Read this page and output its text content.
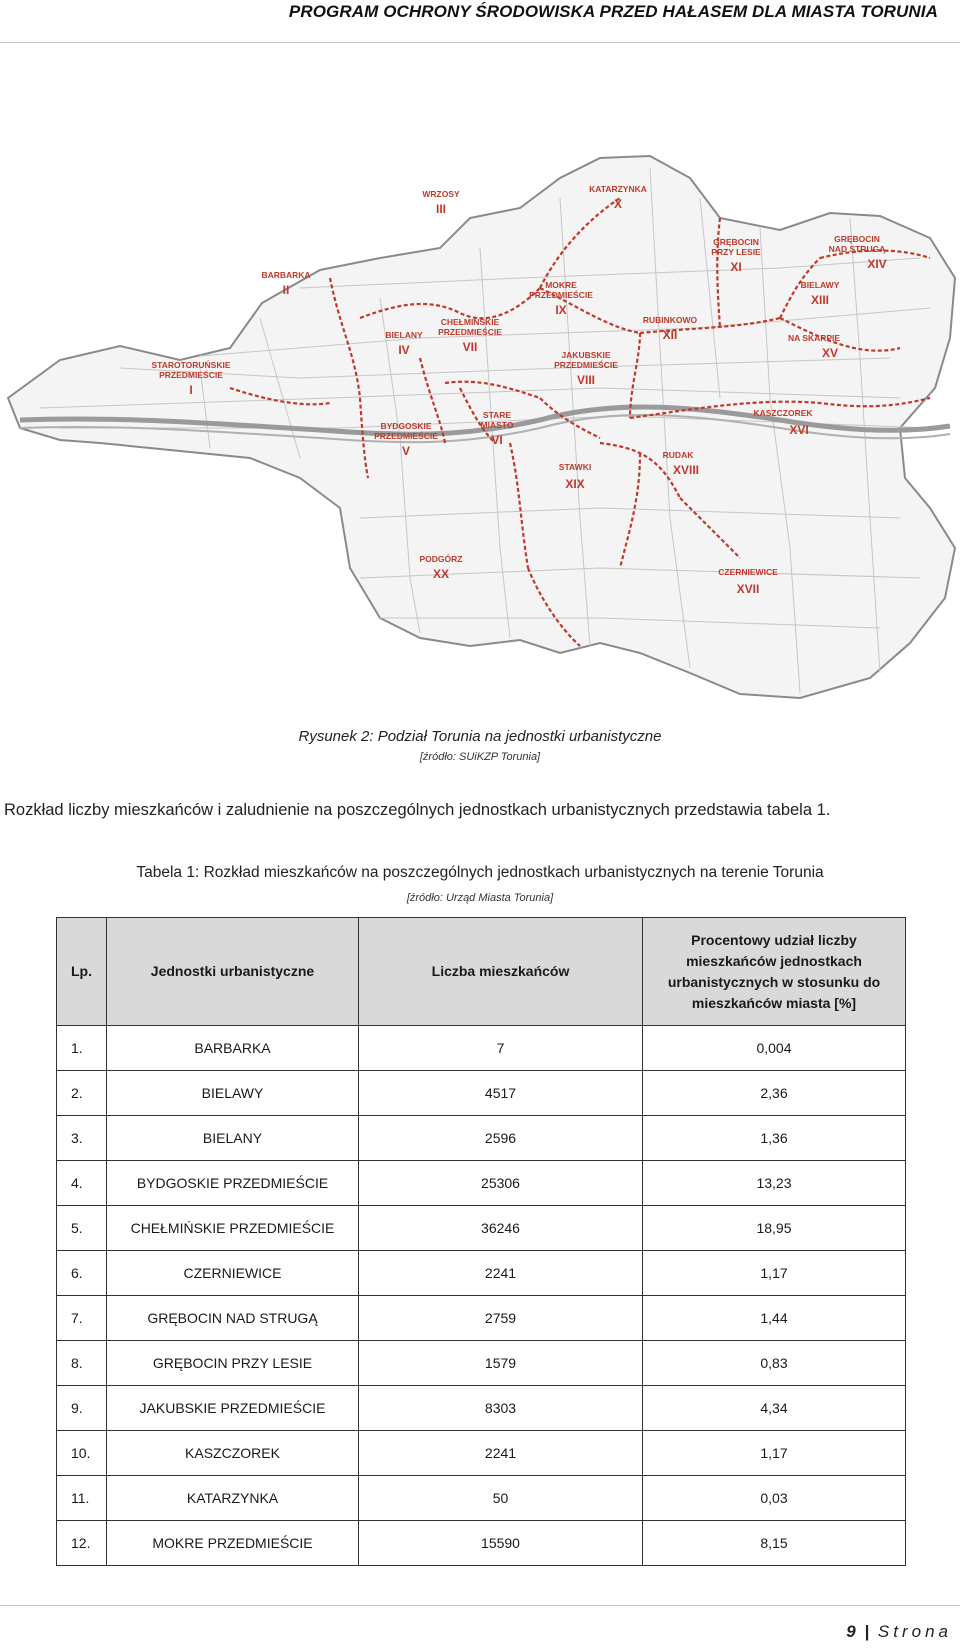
PROGRAM OCHRONY ŚRODOWISKA PRZED HAŁASEM DLA MIASTA TORUNIA
STAROTORUŃSKIE
PRZEDMIEŚCIE
I
BARBARKA
II
WRZOSY
III
BIELANY
IV
BYDGOSKIE
PRZEDMIEŚCIE
V
STARE
MIASTO
VI
CHEŁMIŃSKIE
PRZEDMIEŚCIE
VII
JAKUBSKIE
PRZEDMIEŚCIE
VIII
MOKRE
PRZEDMIEŚCIE
IX
KATARZYNKA
X
GRĘBOCIN
PRZY LESIE
XI
RUBINKOWO
XII
BIELAWY
XIII
GRĘBOCIN
NAD STRUGĄ
XIV
NA SKARPIE
XV
KASZCZOREK
XVI
CZERNIEWICE
XVII
RUDAK
XVIII
STAWKI
XIX
PODGÓRZ
XX
Rysunek 2: Podział Torunia na jednostki urbanistyczne
[źródło: SUiKZP Torunia]
Rozkład liczby mieszkańców i zaludnienie na poszczególnych jednostkach urbanistycznych przedstawia tabela 1.
Tabela 1: Rozkład mieszkańców na poszczególnych jednostkach urbanistycznych na terenie Torunia
[źródło: Urząd Miasta Torunia]
Lp.	Jednostki urbanistyczne	Liczba mieszkańców	Procentowy udział liczby mieszkańców jednostkach urbanistycznych w stosunku do mieszkańców miasta [%]
1.	BARBARKA	7	0,004
2.	BIELAWY	4517	2,36
3.	BIELANY	2596	1,36
4.	BYDGOSKIE PRZEDMIEŚCIE	25306	13,23
5.	CHEŁMIŃSKIE PRZEDMIEŚCIE	36246	18,95
6.	CZERNIEWICE	2241	1,17
7.	GRĘBOCIN NAD STRUGĄ	2759	1,44
8.	GRĘBOCIN PRZY LESIE	1579	0,83
9.	JAKUBSKIE PRZEDMIEŚCIE	8303	4,34
10.	KASZCZOREK	2241	1,17
11.	KATARZYNKA	50	0,03
12.	MOKRE PRZEDMIEŚCIE	15590	8,15
9 | Strona
